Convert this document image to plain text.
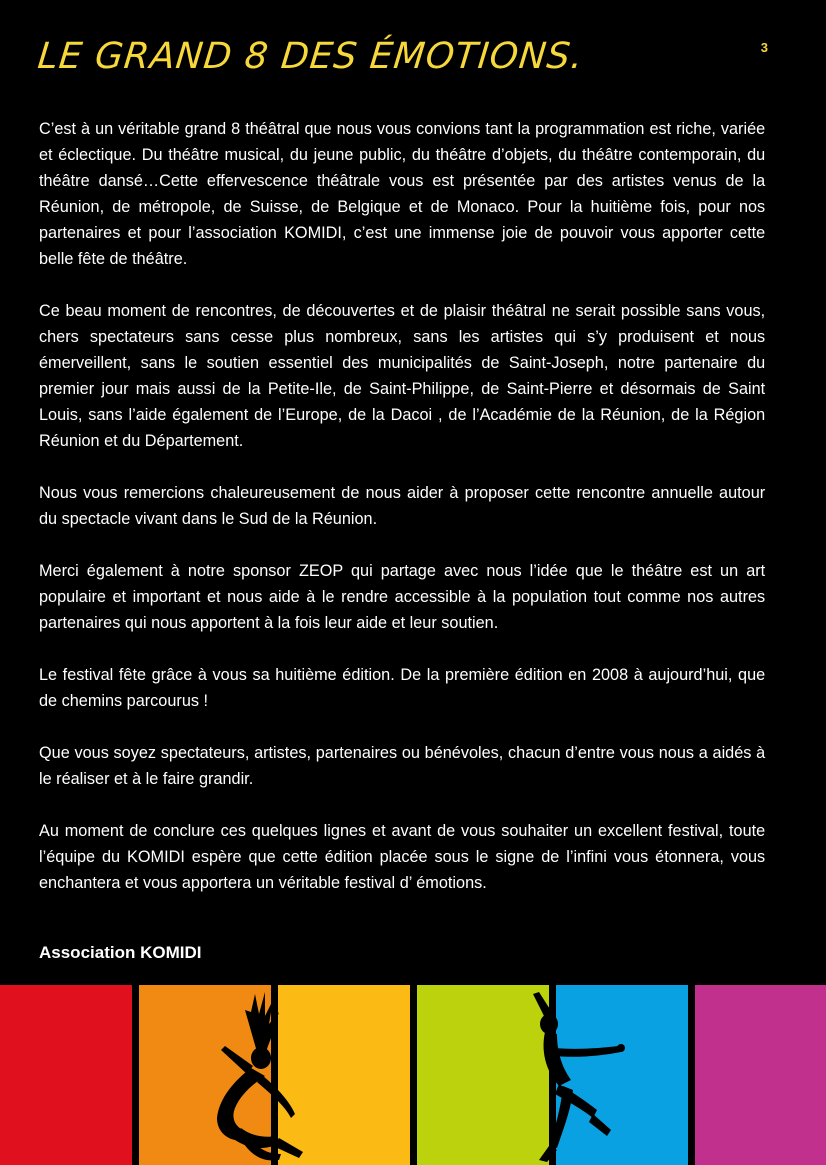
LE GRAND 8 DES ÉMOTIONS.	3

C’est à un véritable grand 8 théâtral que nous vous convions tant la programmation est riche, variée et éclectique. Du théâtre musical, du jeune public, du théâtre d’objets, du théâtre contemporain, du théâtre dansé…Cette effervescence théâtrale vous est présentée par des artistes venus de la Réunion, de métropole, de Suisse, de Belgique et de Monaco. Pour la huitième fois, pour nos partenaires et pour l’association KOMIDI, c’est une immense joie de pouvoir vous apporter cette belle fête de théâtre.

Ce beau moment de rencontres, de découvertes et de plaisir théâtral ne serait possible sans vous, chers spectateurs sans cesse plus nombreux, sans les artistes qui s’y produisent et nous émerveillent, sans le soutien essentiel des municipalités de Saint-Joseph, notre partenaire du premier jour mais aussi de la Petite-Ile, de Saint-Philippe, de Saint-Pierre et désormais de Saint Louis, sans l’aide également de l’Europe, de la Dacoi , de l’Académie de la Réunion, de la Région Réunion et du Département.

Nous vous remercions chaleureusement de nous aider à proposer cette rencontre annuelle autour du spectacle vivant dans le Sud de la Réunion.

Merci également à notre sponsor ZEOP qui partage avec nous l’idée que le théâtre est un art populaire et important et nous aide à le rendre accessible à la population tout comme nos autres partenaires qui nous apportent à la fois leur aide et leur soutien.

Le festival fête grâce à vous sa huitième édition. De la première édition en 2008 à aujourd’hui, que de chemins parcourus !

Que vous soyez spectateurs, artistes, partenaires ou bénévoles, chacun d’entre vous nous a aidés à le réaliser et à le faire grandir.

Au moment de conclure ces quelques lignes et avant de vous souhaiter un excellent festival, toute l’équipe du KOMIDI espère que cette édition placée sous le signe de l’infini vous étonnera, vous enchantera et vous apportera un véritable festival d’ émotions.

Association KOMIDI
